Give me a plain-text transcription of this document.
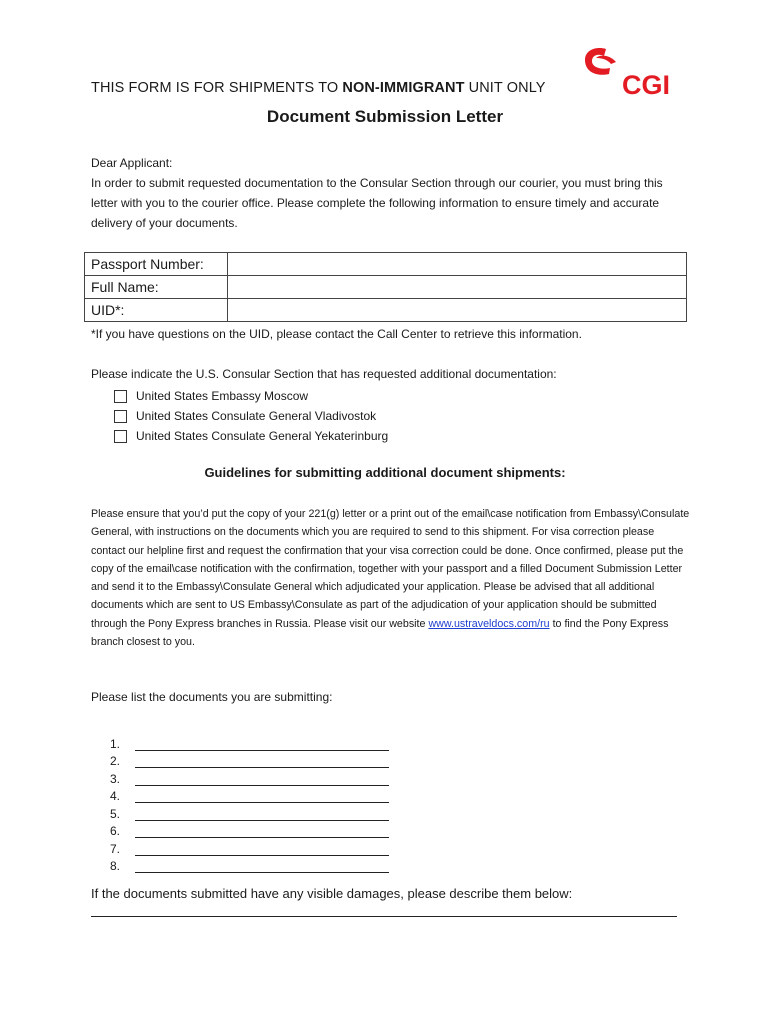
CGI
THIS FORM IS FOR SHIPMENTS TO NON-IMMIGRANT UNIT ONLY
Document Submission Letter
Dear Applicant:
In order to submit requested documentation to the Consular Section through our courier, you must bring this letter with you to the courier office. Please complete the following information to ensure timely and accurate delivery of your documents.
Passport Number:	
Full Name:	
UID*:	
*If you have questions on the UID, please contact the Call Center to retrieve this information.
Please indicate the U.S. Consular Section that has requested additional documentation:
United States Embassy Moscow
United States Consulate General Vladivostok
United States Consulate General Yekaterinburg
Guidelines for submitting additional document shipments:
Please ensure that you’d put the copy of your 221(g) letter or a print out of the email\case notification from Embassy\Consulate General, with instructions on the documents which you are required to send to this shipment. For visa correction please contact our helpline first and request the confirmation that your visa correction could be done. Once confirmed, please put the copy of the email\case notification with the confirmation, together with your passport and a filled Document Submission Letter and send it to the Embassy\Consulate General which adjudicated your application. Please be advised that all additional documents which are sent to US Embassy\Consulate as part of the adjudication of your application should be submitted through the Pony Express branches in Russia. Please visit our website www.ustraveldocs.com/ru to find the Pony Express branch closest to you.
Please list the documents you are submitting:
1.
2.
3.
4.
5.
6.
7.
8.
If the documents submitted have any visible damages, please describe them below:
